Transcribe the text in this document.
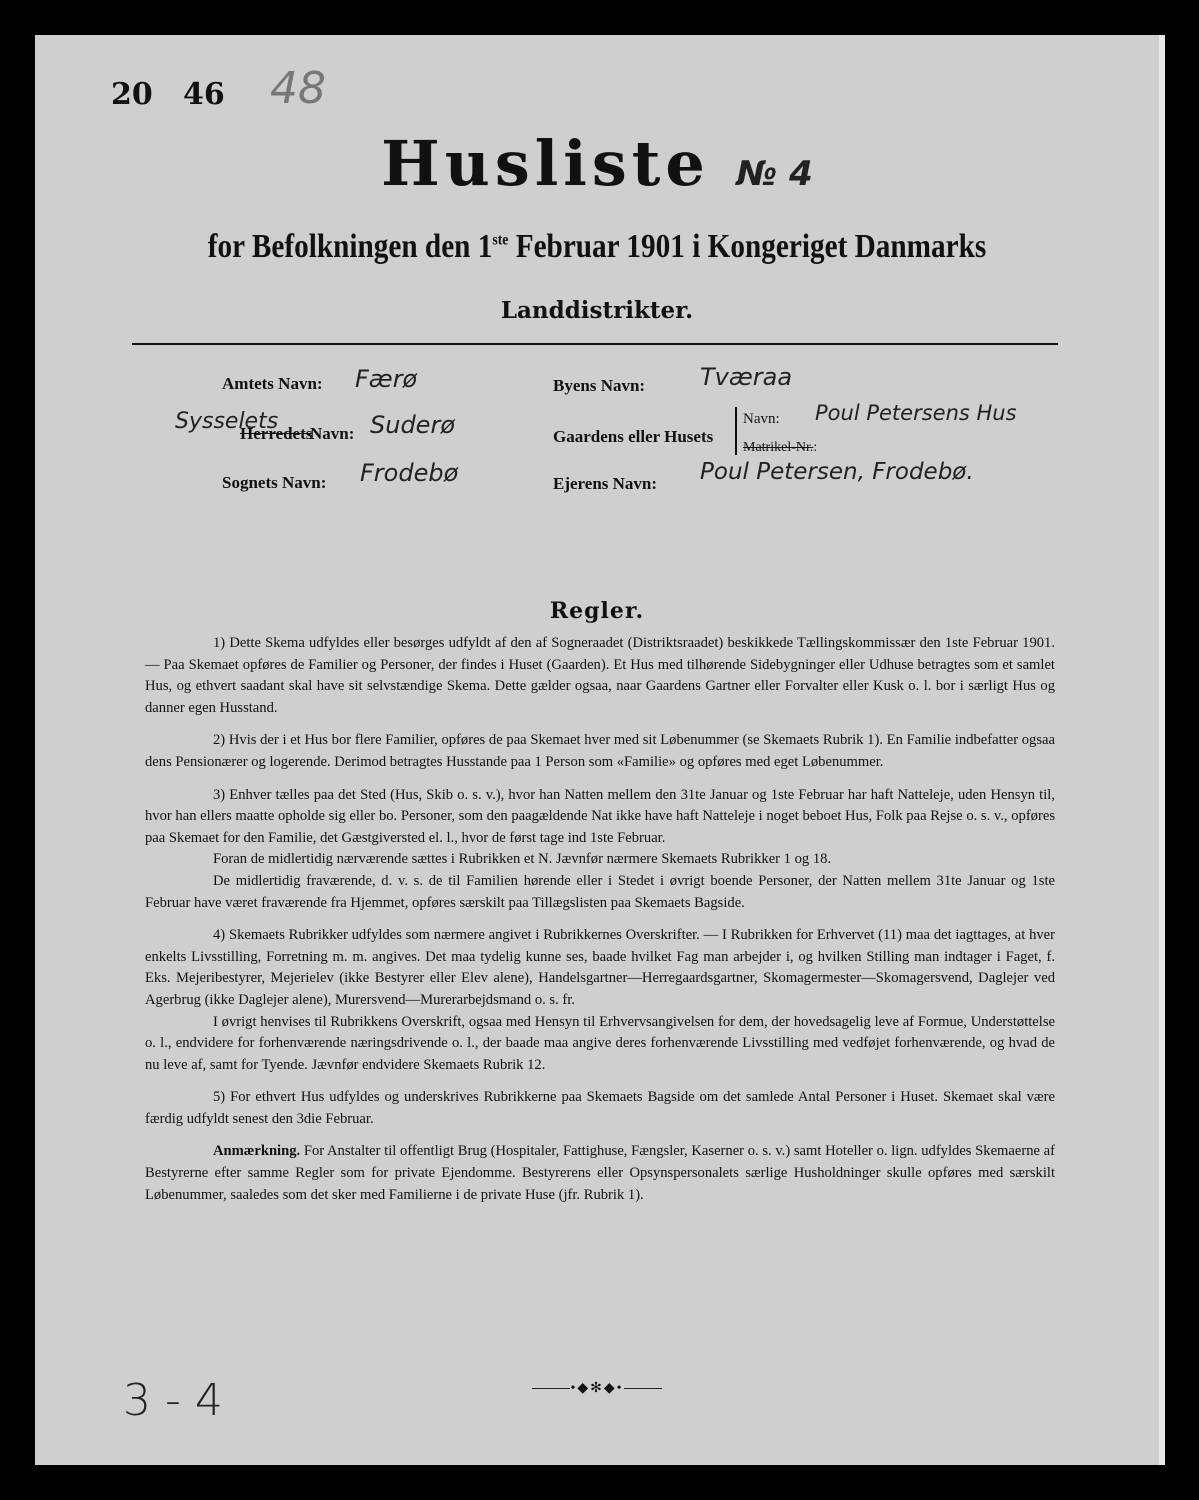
20 46 48
Husliste № 4
for Befolkningen den 1ste Februar 1901 i Kongeriget Danmarks
Landdistrikter.
Amtets Navn: Færø
Sysselets
Herredets
Navn: Suderø
Sognets Navn: Frodebø
Byens Navn: Tværaa
Gaardens eller Husets
Navn: Poul Petersens Hus
Matrikel-Nr.:
Ejerens Navn: Poul Petersen, Frodebø.
Regler.

1) Dette Skema udfyldes eller besørges udfyldt af den af Sogneraadet (Distriktsraadet) beskikkede Tællingskommissær den 1ste Februar 1901. — Paa Skemaet opføres de Familier og Personer, der findes i Huset (Gaarden). Et Hus med tilhørende Sidebygninger eller Udhuse betragtes som et samlet Hus, og ethvert saadant skal have sit selvstændige Skema. Dette gælder ogsaa, naar Gaardens Gartner eller Forvalter eller Kusk o. l. bor i særligt Hus og danner egen Husstand.

2) Hvis der i et Hus bor flere Familier, opføres de paa Skemaet hver med sit Løbenummer (se Skemaets Rubrik 1). En Familie indbefatter ogsaa dens Pensionærer og logerende. Derimod betragtes Husstande paa 1 Person som «Familie» og opføres med eget Løbenummer.

3) Enhver tælles paa det Sted (Hus, Skib o. s. v.), hvor han Natten mellem den 31te Januar og 1ste Februar har haft Natteleje, uden Hensyn til, hvor han ellers maatte opholde sig eller bo. Personer, som den paagældende Nat ikke have haft Natteleje i noget beboet Hus, Folk paa Rejse o. s. v., opføres paa Skemaet for den Familie, det Gæstgiversted el. l., hvor de først tage ind 1ste Februar.

Foran de midlertidig nærværende sættes i Rubrikken et N. Jævnfør nærmere Skemaets Rubrikker 1 og 18.

De midlertidig fraværende, d. v. s. de til Familien hørende eller i Stedet i øvrigt boende Personer, der Natten mellem 31te Januar og 1ste Februar have været fraværende fra Hjemmet, opføres særskilt paa Tillægslisten paa Skemaets Bagside.

4) Skemaets Rubrikker udfyldes som nærmere angivet i Rubrikkernes Overskrifter. — I Rubrikken for Erhvervet (11) maa det iagttages, at hver enkelts Livsstilling, Forretning m. m. angives. Det maa tydelig kunne ses, baade hvilket Fag man arbejder i, og hvilken Stilling man indtager i Faget, f. Eks. Mejeribestyrer, Mejerielev (ikke Bestyrer eller Elev alene), Handelsgartner—Herregaardsgartner, Skomagermester—Skomagersvend, Daglejer ved Agerbrug (ikke Daglejer alene), Murersvend—Murerarbejdsmand o. s. fr.

I øvrigt henvises til Rubrikkens Overskrift, ogsaa med Hensyn til Erhvervsangivelsen for dem, der hovedsagelig leve af Formue, Understøttelse o. l., endvidere for forhenværende næringsdrivende o. l., der baade maa angive deres forhenværende Livsstilling med vedføjet forhenværende, og hvad de nu leve af, samt for Tyende. Jævnfør endvidere Skemaets Rubrik 12.

5) For ethvert Hus udfyldes og underskrives Rubrikkerne paa Skemaets Bagside om det samlede Antal Personer i Huset. Skemaet skal være færdig udfyldt senest den 3die Februar.

Anmærkning. For Anstalter til offentligt Brug (Hospitaler, Fattighuse, Fængsler, Kaserner o. s. v.) samt Hoteller o. lign. udfyldes Skemaerne af Bestyrerne efter samme Regler som for private Ejendomme. Bestyrerens eller Opsynspersonalets særlige Husholdninger skulle opføres med særskilt Løbenummer, saaledes som det sker med Familierne i de private Huse (jfr. Rubrik 1).

•◆✻◆•
3 - 4
